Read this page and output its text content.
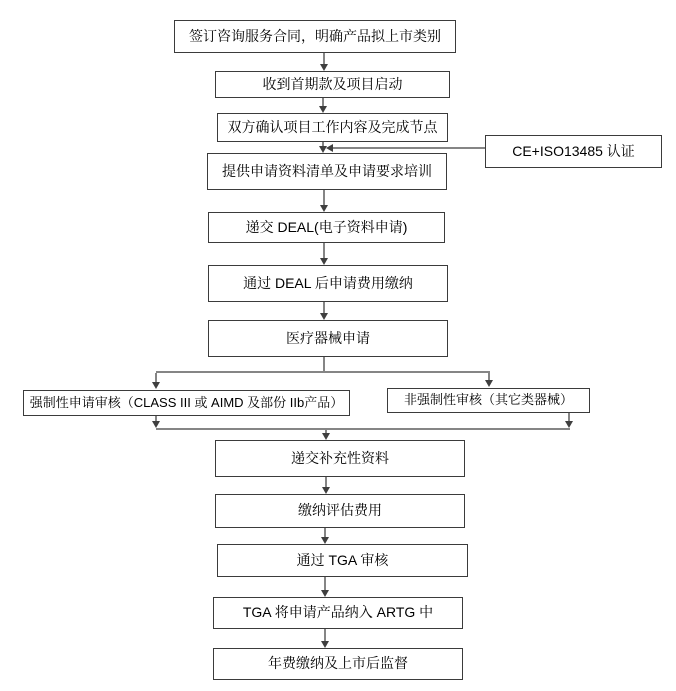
签订咨询服务合同，明确产品拟上市类别
收到首期款及项目启动
双方确认项目工作内容及完成节点
提供申请资料清单及申请要求培训
CE+ISO13485 认证
递交 DEAL(电子资料申请)
通过 DEAL 后申请费用缴纳
医疗器械申请
强制性申请审核（CLASS III 或 AIMD 及部份 IIb产品）	非强制性审核（其它类器械）
递交补充性资料
缴纳评估费用
通过 TGA 审核
TGA 将申请产品纳入 ARTG 中
年费缴纳及上市后监督
